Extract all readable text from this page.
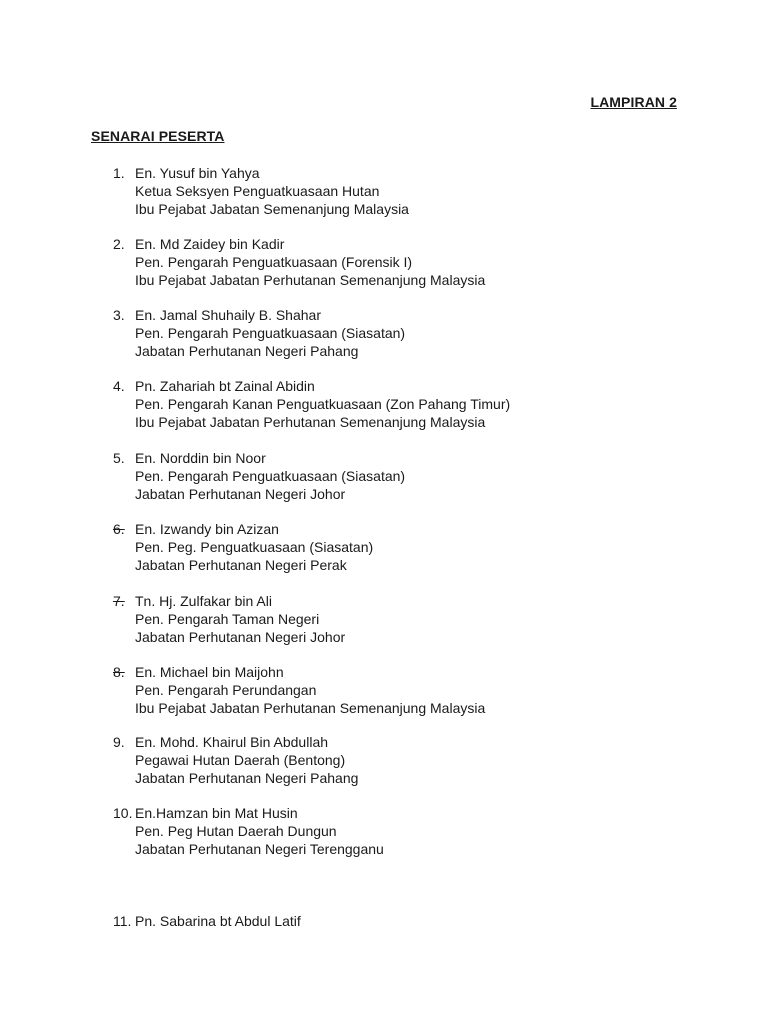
LAMPIRAN 2
SENARAI PESERTA
1. En. Yusuf bin Yahya
Ketua Seksyen Penguatkuasaan Hutan
Ibu Pejabat Jabatan Semenanjung Malaysia
2. En. Md Zaidey bin Kadir
Pen. Pengarah Penguatkuasaan (Forensik I)
Ibu Pejabat Jabatan Perhutanan Semenanjung Malaysia
3. En. Jamal Shuhaily B. Shahar
Pen. Pengarah Penguatkuasaan (Siasatan)
Jabatan Perhutanan Negeri Pahang
4. Pn. Zahariah bt Zainal Abidin
Pen. Pengarah Kanan Penguatkuasaan (Zon Pahang Timur)
Ibu Pejabat Jabatan Perhutanan Semenanjung Malaysia
5. En. Norddin bin Noor
Pen. Pengarah Penguatkuasaan (Siasatan)
Jabatan Perhutanan Negeri Johor
6. En. Izwandy bin Azizan
Pen. Peg. Penguatkuasaan (Siasatan)
Jabatan Perhutanan Negeri Perak
7. Tn. Hj. Zulfakar bin Ali
Pen. Pengarah Taman Negeri
Jabatan Perhutanan Negeri Johor
8. En. Michael bin Maijohn
Pen. Pengarah Perundangan
Ibu Pejabat Jabatan Perhutanan Semenanjung Malaysia
9. En. Mohd. Khairul Bin Abdullah
Pegawai Hutan Daerah (Bentong)
Jabatan Perhutanan Negeri Pahang
10. En.Hamzan bin Mat Husin
Pen. Peg Hutan Daerah Dungun
Jabatan Perhutanan Negeri Terengganu
11. Pn. Sabarina bt Abdul Latif
